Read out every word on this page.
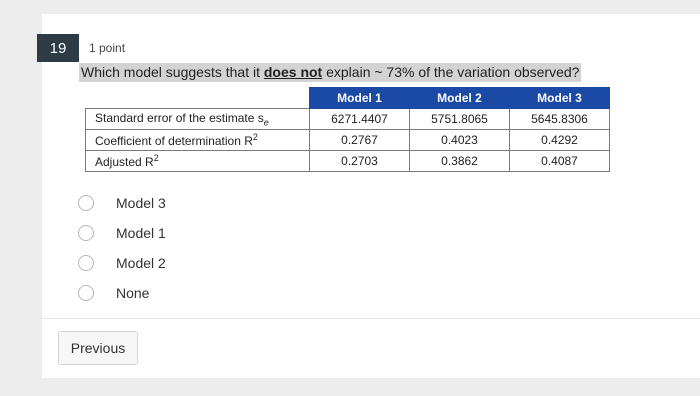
19	1 point
Which model suggests that it does not explain ~ 73% of the variation observed?
	Model 1	Model 2	Model 3
Standard error of the estimate $s_e$	6271.4407	5751.8065	5645.8306
Coefficient of determination $R^2$	0.2767	0.4023	0.4292
Adjusted $R^2$	0.2703	0.3862	0.4087
Model 3
Model 1
Model 2
None
Previous
